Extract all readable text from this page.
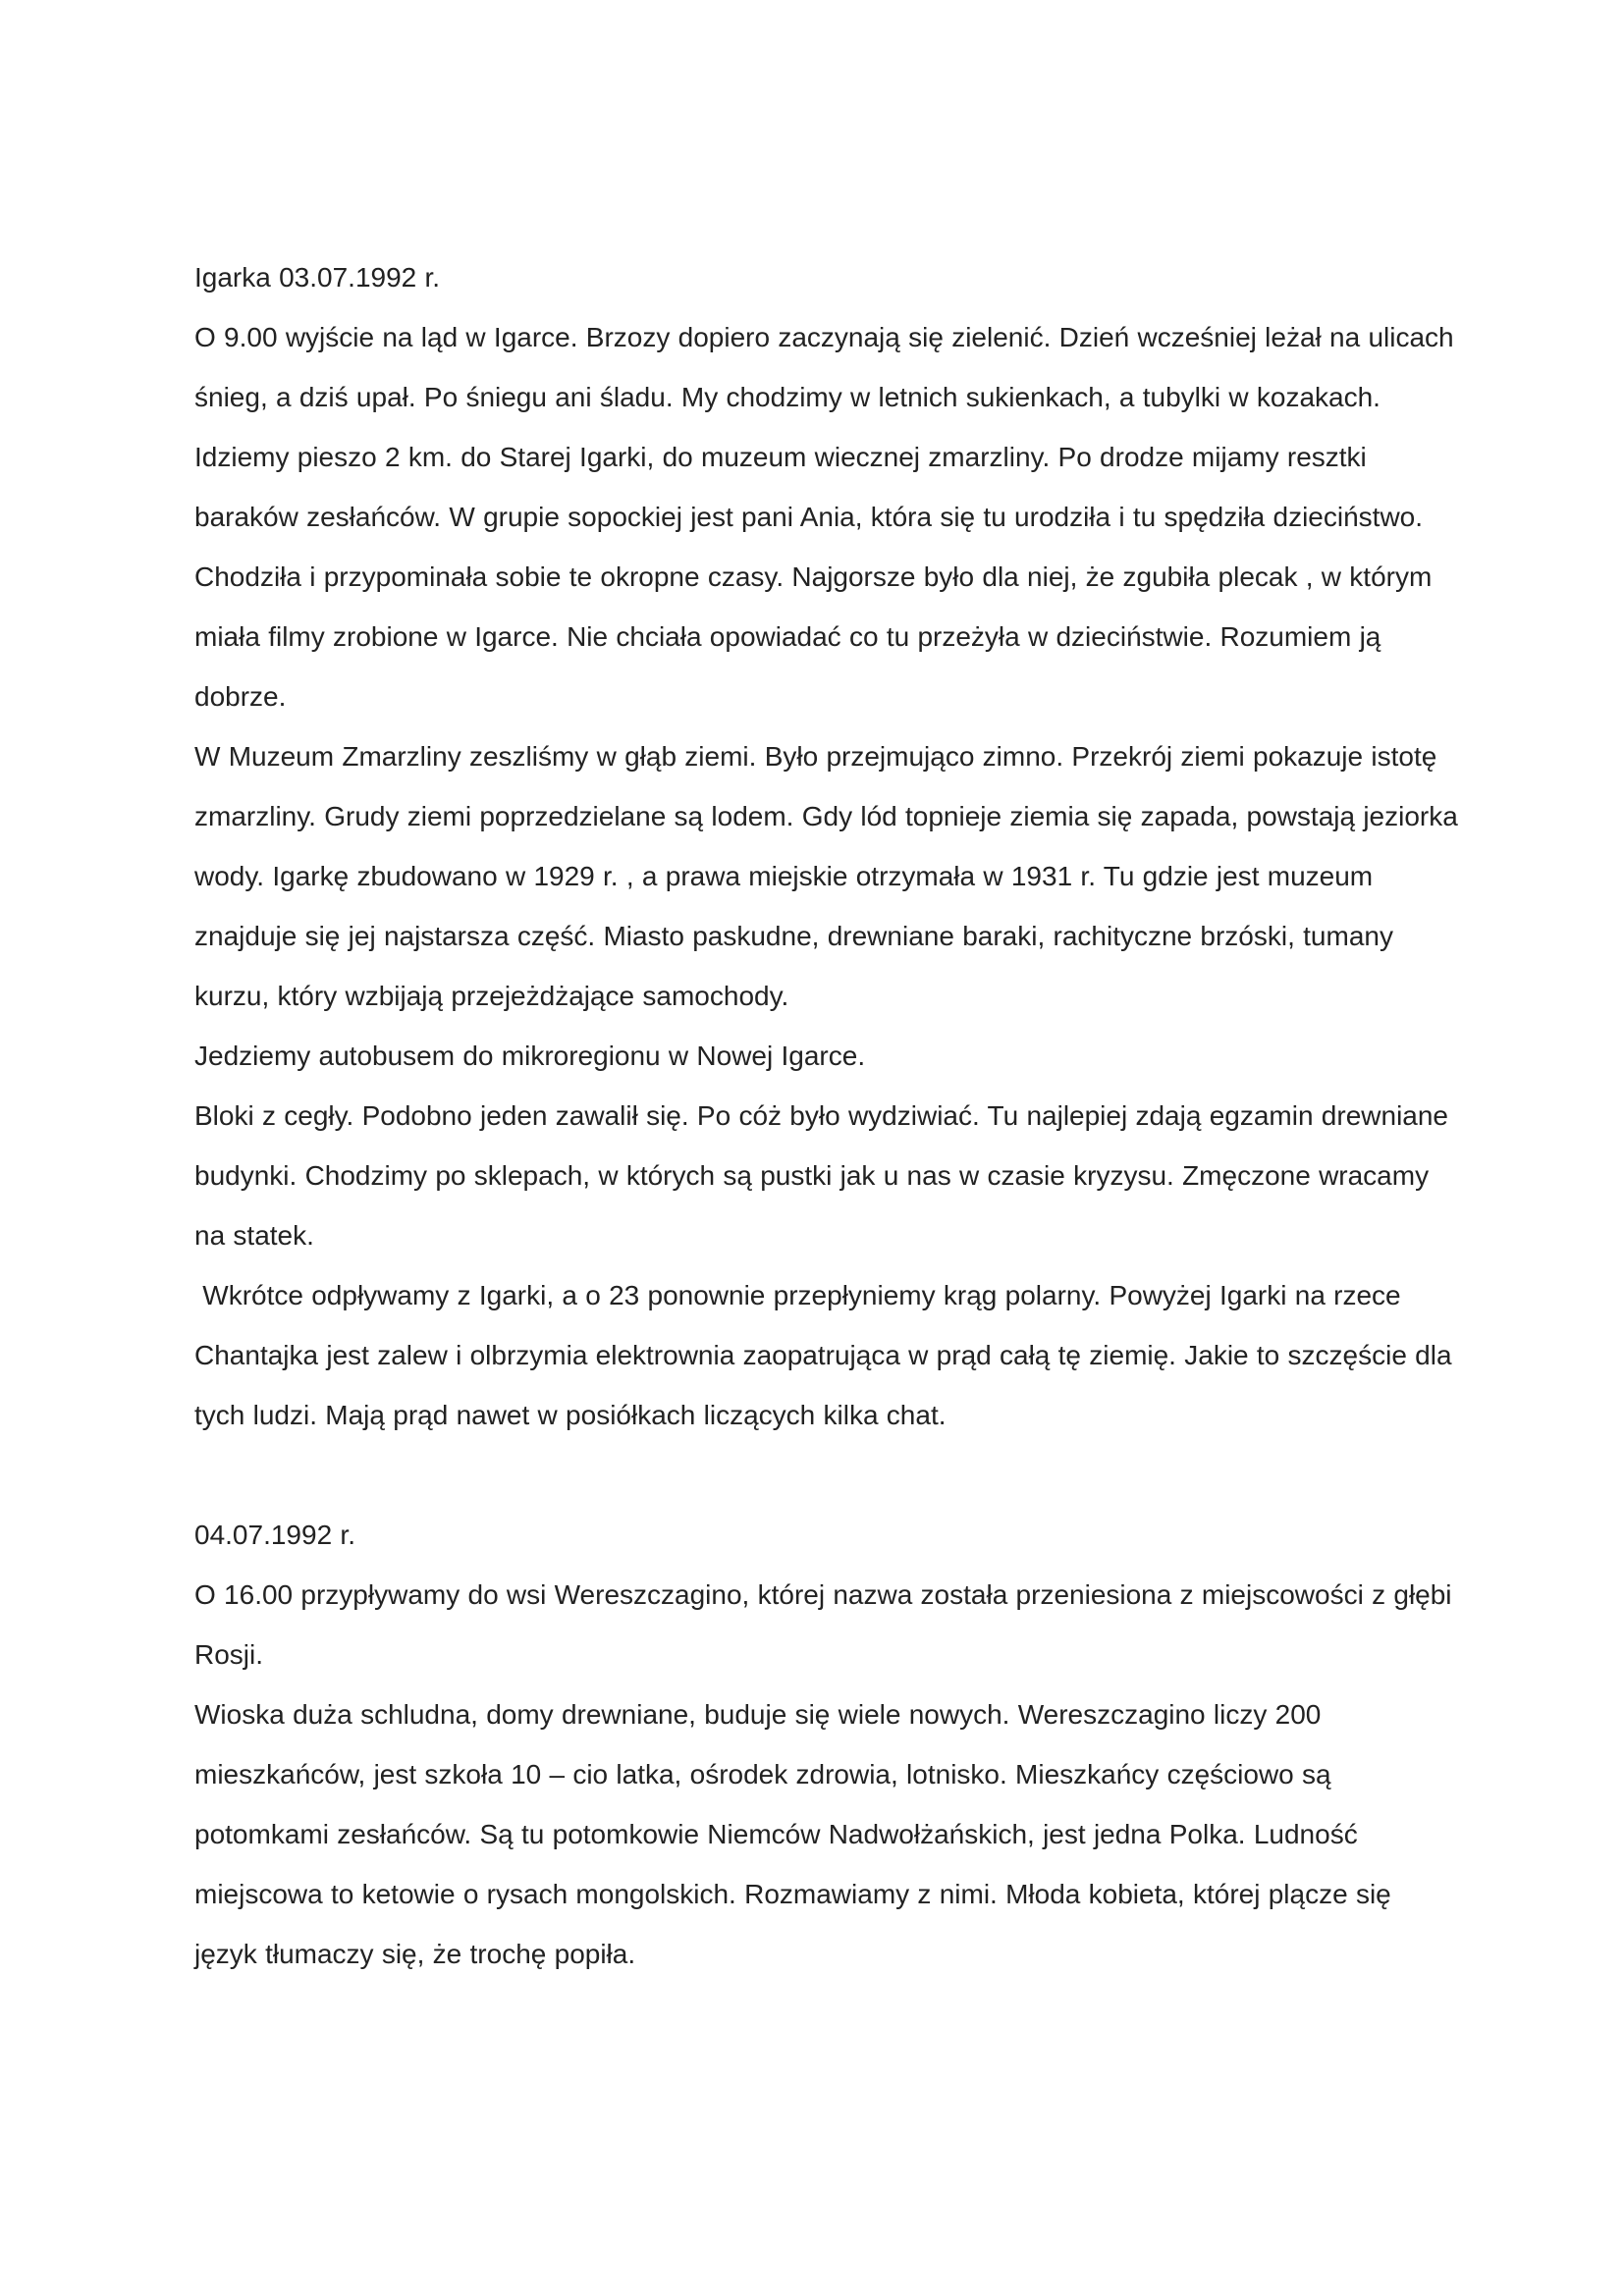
Igarka 03.07.1992 r.

O 9.00 wyjście na ląd w Igarce. Brzozy dopiero zaczynają się zielenić. Dzień wcześniej leżał na ulicach śnieg, a dziś upał. Po śniegu ani śladu. My chodzimy w letnich sukienkach, a tubylki w kozakach.

Idziemy pieszo 2 km. do Starej Igarki, do muzeum wiecznej zmarzliny. Po drodze mijamy resztki baraków zesłańców. W grupie sopockiej jest pani Ania, która się tu urodziła i tu spędziła dzieciństwo. Chodziła i przypominała sobie te okropne czasy. Najgorsze było dla niej, że zgubiła plecak , w którym miała filmy zrobione w Igarce. Nie chciała opowiadać co tu przeżyła w dzieciństwie. Rozumiem ją dobrze.

W Muzeum Zmarzliny zeszliśmy w głąb ziemi. Było przejmująco zimno. Przekrój ziemi pokazuje istotę zmarzliny. Grudy ziemi poprzedzielane są lodem. Gdy lód topnieje ziemia się zapada, powstają jeziorka wody. Igarkę zbudowano w 1929 r. , a prawa miejskie otrzymała w 1931 r. Tu gdzie jest muzeum znajduje się jej najstarsza część. Miasto paskudne, drewniane baraki, rachityczne brzóski, tumany kurzu, który wzbijają przejeżdżające samochody.

Jedziemy autobusem do mikroregionu w Nowej Igarce.

Bloki z cegły. Podobno jeden zawalił się. Po cóż było wydziwiać. Tu najlepiej zdają egzamin drewniane budynki. Chodzimy po sklepach, w których są pustki jak u nas w czasie kryzysu. Zmęczone wracamy na statek.

Wkrótce odpływamy z Igarki, a o 23 ponownie przepłyniemy krąg polarny. Powyżej Igarki na rzece Chantajka jest zalew i olbrzymia elektrownia zaopatrująca w prąd całą tę ziemię. Jakie to szczęście dla tych ludzi. Mają prąd nawet w posiółkach liczących kilka chat.

04.07.1992 r.

O 16.00 przypływamy do wsi Wereszczagino, której nazwa została przeniesiona z miejscowości z głębi Rosji.

Wioska duża schludna, domy drewniane, buduje się wiele nowych. Wereszczagino liczy 200 mieszkańców, jest szkoła 10 – cio latka, ośrodek zdrowia, lotnisko. Mieszkańcy częściowo są potomkami zesłańców. Są tu potomkowie Niemców Nadwołżańskich, jest jedna Polka. Ludność miejscowa to ketowie o rysach mongolskich. Rozmawiamy z nimi. Młoda kobieta, której plącze się język tłumaczy się, że trochę popiła.
